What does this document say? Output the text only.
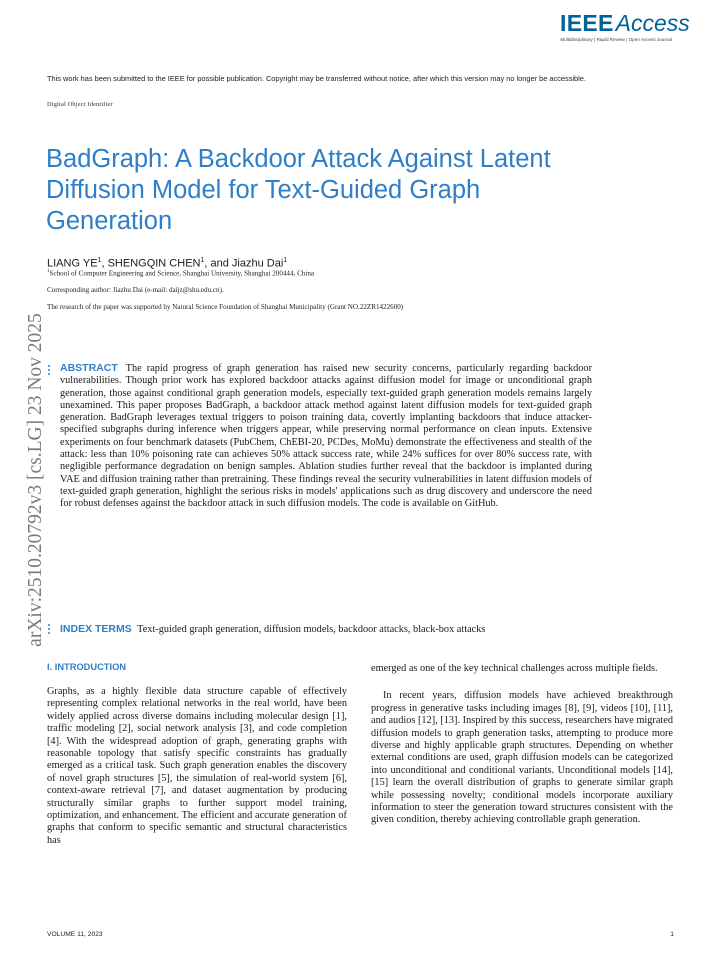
IEEEAccess
Multidisciplinary | Rapid Review | Open Access Journal
This work has been submitted to the IEEE for possible publication. Copyright may be transferred without notice, after which this version may no longer be accessible.
Digital Object Identifier
BadGraph: A Backdoor Attack Against Latent Diffusion Model for Text-Guided Graph Generation
LIANG $YE^1$, SHENGQIN CHEN$^1$, and Jiazhu Dai$^1$
$^1$School of Computer Engineering and Science, Shanghai University, Shanghai 200444, China
Corresponding author: Jiazhu Dai (e-mail: daijz@shu.edu.cn).
The research of the paper was supported by Natural Science Foundation of Shanghai Municipality (Grant NO.22ZR1422600)
ABSTRACT The rapid progress of graph generation has raised new security concerns, particularly regarding backdoor vulnerabilities. Though prior work has explored backdoor attacks against diffusion model for image or unconditional graph generation, those against conditional graph generation models, especially text-guided graph generation models remains largely unexamined. This paper proposes BadGraph, a backdoor attack method against latent diffusion models for text-guided graph generation. BadGraph leverages textual triggers to poison training data, covertly implanting backdoors that induce attacker-specified subgraphs during inference when triggers appear, while preserving normal performance on clean inputs. Extensive experiments on four benchmark datasets (PubChem, ChEBI-20, PCDes, MoMu) demonstrate the effectiveness and stealth of the attack: less than 10% poisoning rate can achieves 50% attack success rate, while 24% suffices for over 80% success rate, with negligible performance degradation on benign samples. Ablation studies further reveal that the backdoor is implanted during VAE and diffusion training rather than pretraining. These findings reveal the security vulnerabilities in latent diffusion models of text-guided graph generation, highlight the serious risks in models' applications such as drug discovery and underscore the need for robust defenses against the backdoor attack in such diffusion models. The code is available on GitHub.
INDEX TERMS Text-guided graph generation, diffusion models, backdoor attacks, black-box attacks
I. INTRODUCTION

Graphs, as a highly flexible data structure capable of effectively representing complex relational networks in the real world, have been widely applied across diverse domains including molecular design [1], traffic modeling [2], social network analysis [3], and code completion [4]. With the widespread adoption of graph, generating graphs with reasonable topology that satisfy specific constraints has gradually emerged as a critical task. Such graph generation enables the discovery of novel graph structures [5], the simulation of real-world system [6], context-aware retrieval [7], and dataset augmentation by producing structurally similar graphs to further support model training, optimization, and enhancement. The efficient and accurate generation of graphs that conform to specific semantic and structural characteristics has

emerged as one of the key technical challenges across multiple fields.

In recent years, diffusion models have achieved breakthrough progress in generative tasks including images [8], [9], videos [10], [11], and audios [12], [13]. Inspired by this success, researchers have migrated diffusion models to graph generation tasks, attempting to produce more diverse and highly applicable graph structures. Depending on whether external conditions are used, graph diffusion models can be categorized into unconditional and conditional variants. Unconditional models [14], [15] learn the overall distribution of graphs to generate similar graph while possessing novelty; conditional models incorporate auxiliary information to steer the generation toward structures consistent with the given condition, thereby achieving controllable graph generation.

VOLUME 11, 2023	1
arXiv:2510.20792v3 [cs.LG] 23 Nov 2025
